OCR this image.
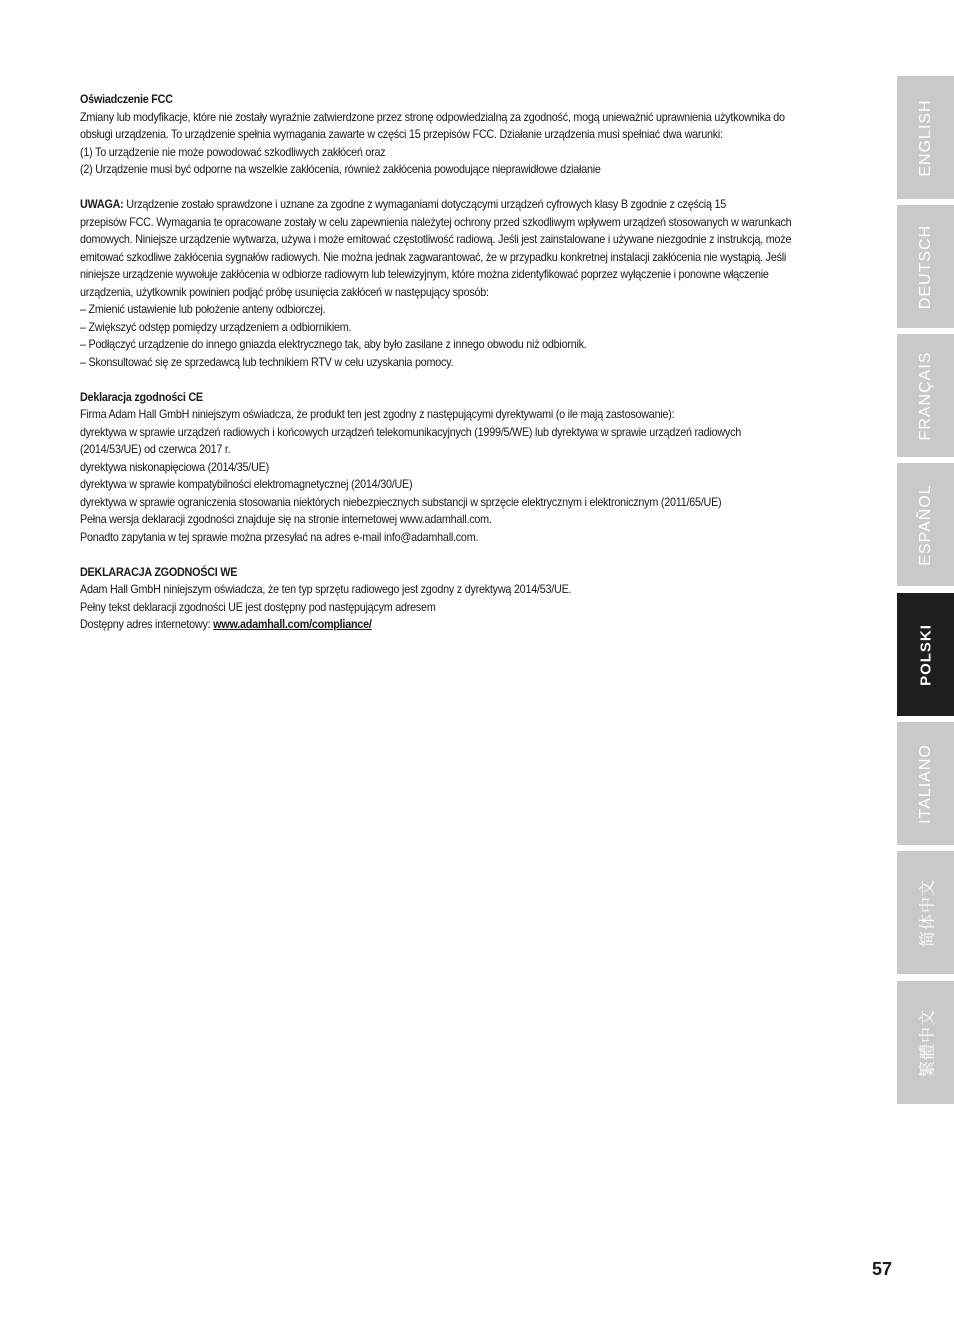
Oświadczenie FCC

Zmiany lub modyfikacje, które nie zostały wyraźnie zatwierdzone przez stronę odpowiedzialną za zgodność, mogą unieważnić uprawnienia użytkownika do

obsługi urządzenia. To urządzenie spełnia wymagania zawarte w części 15 przepisów FCC. Działanie urządzenia musi spełniać dwa warunki:

(1) To urządzenie nie może powodować szkodliwych zakłóceń oraz

(2) Urządzenie musi być odporne na wszelkie zakłócenia, również zakłócenia powodujące nieprawidłowe działanie

UWAGA: Urządzenie zostało sprawdzone i uznane za zgodne z wymaganiami dotyczącymi urządzeń cyfrowych klasy B zgodnie z częścią 15

przepisów FCC. Wymagania te opracowane zostały w celu zapewnienia należytej ochrony przed szkodliwym wpływem urządzeń stosowanych w warunkach

domowych. Niniejsze urządzenie wytwarza, używa i może emitować częstotliwość radiową. Jeśli jest zainstalowane i używane niezgodnie z instrukcją, może

emitować szkodliwe zakłócenia sygnałów radiowych. Nie można jednak zagwarantować, że w przypadku konkretnej instalacji zakłócenia nie wystąpią. Jeśli

niniejsze urządzenie wywołuje zakłócenia w odbiorze radiowym lub telewizyjnym, które można zidentyfikować poprzez wyłączenie i ponowne włączenie

urządzenia, użytkownik powinien podjąć próbę usunięcia zakłóceń w następujący sposób:

– Zmienić ustawienie lub położenie anteny odbiorczej.

– Zwiększyć odstęp pomiędzy urządzeniem a odbiornikiem.

– Podłączyć urządzenie do innego gniazda elektrycznego tak, aby było zasilane z innego obwodu niż odbiornik.

– Skonsultować się ze sprzedawcą lub technikiem RTV w celu uzyskania pomocy.

Deklaracja zgodności CE

Firma Adam Hall GmbH niniejszym oświadcza, że produkt ten jest zgodny z następującymi dyrektywami (o ile mają zastosowanie):

dyrektywa w sprawie urządzeń radiowych i końcowych urządzeń telekomunikacyjnych (1999/5/WE) lub dyrektywa w sprawie urządzeń radiowych

(2014/53/UE) od czerwca 2017 r.

dyrektywa niskonapięciowa (2014/35/UE)

dyrektywa w sprawie kompatybilności elektromagnetycznej (2014/30/UE)

dyrektywa w sprawie ograniczenia stosowania niektórych niebezpiecznych substancji w sprzęcie elektrycznym i elektronicznym (2011/65/UE)

Pełna wersja deklaracji zgodności znajduje się na stronie internetowej www.adamhall.com.

Ponadto zapytania w tej sprawie można przesyłać na adres e-mail info@adamhall.com.

DEKLARACJA ZGODNOŚCI WE

Adam Hall GmbH niniejszym oświadcza, że ten typ sprzętu radiowego jest zgodny z dyrektywą 2014/53/UE.

Pełny tekst deklaracji zgodności UE jest dostępny pod następującym adresem

Dostępny adres internetowy: www.adamhall.com/compliance/

ENGLISH
DEUTSCH
FRANÇAIS
ESPAÑOL
POLSKI
ITALIANO
简体中文
繁體中文
57
